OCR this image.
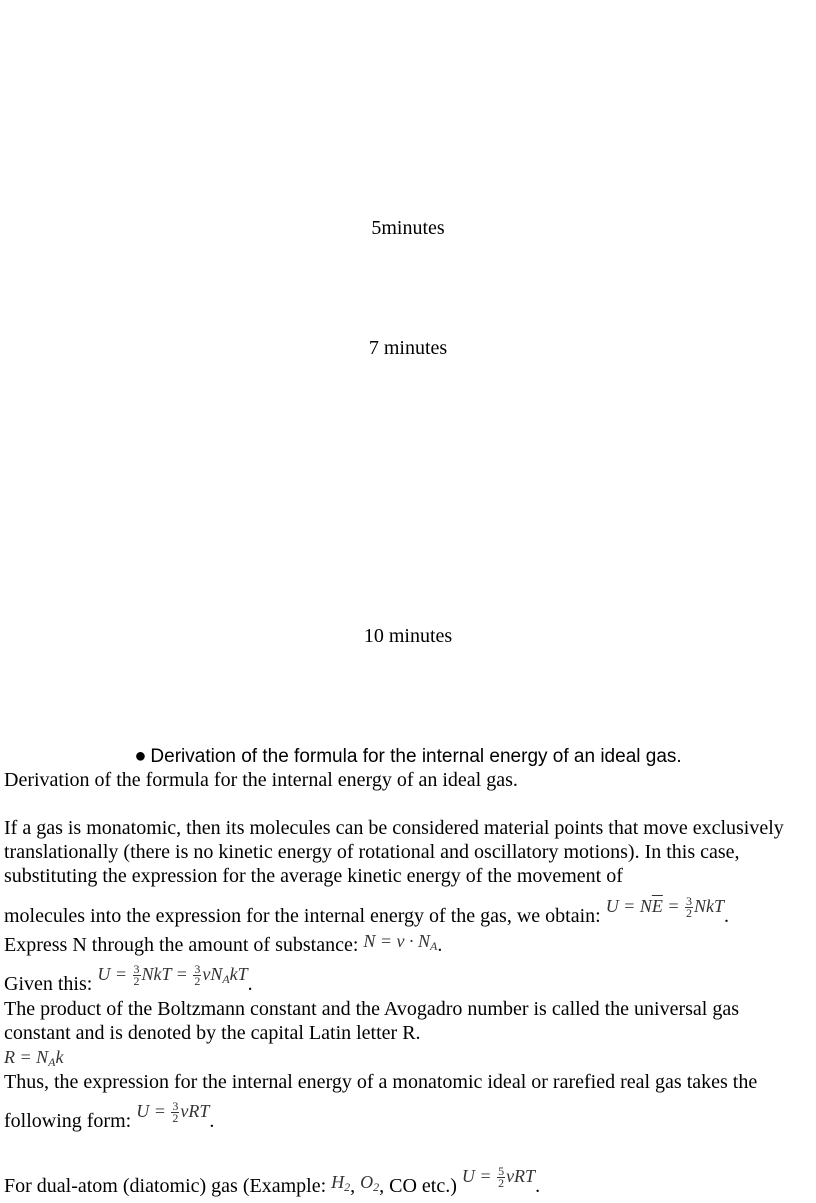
5minutes
7 minutes
10 minutes
● Derivation of the formula for the internal energy of an ideal gas.
Derivation of the formula for the internal energy of an ideal gas.
If a gas is monatomic, then its molecules can be considered material points that move exclusively translationally (there is no kinetic energy of rotational and oscillatory motions). In this case, substituting the expression for the average kinetic energy of the movement of
molecules into the expression for the internal energy of the gas, we obtain: $U = N\overline{E} = \frac{3}{2}$ NkT.
Express N through the amount of substance: $N = \nu \cdot N_A$.
Given this: $U = \frac{3}{2}$ NkT = $\frac{3}{2} \nu N_AkT$.
The product of the Boltzmann constant and the Avogadro number is called the universal gas constant and is denoted by the capital Latin letter R.
$R = N_Ak$
Thus, the expression for the internal energy of a monatomic ideal or rarefied real gas takes the
following form: $U = \frac{3}{2} \nu RT$.
For dual-atom (diatomic) gas (Example: $H_2$, $O_2$, CO etc.) $U = \frac{5}{2} \nu RT$.
